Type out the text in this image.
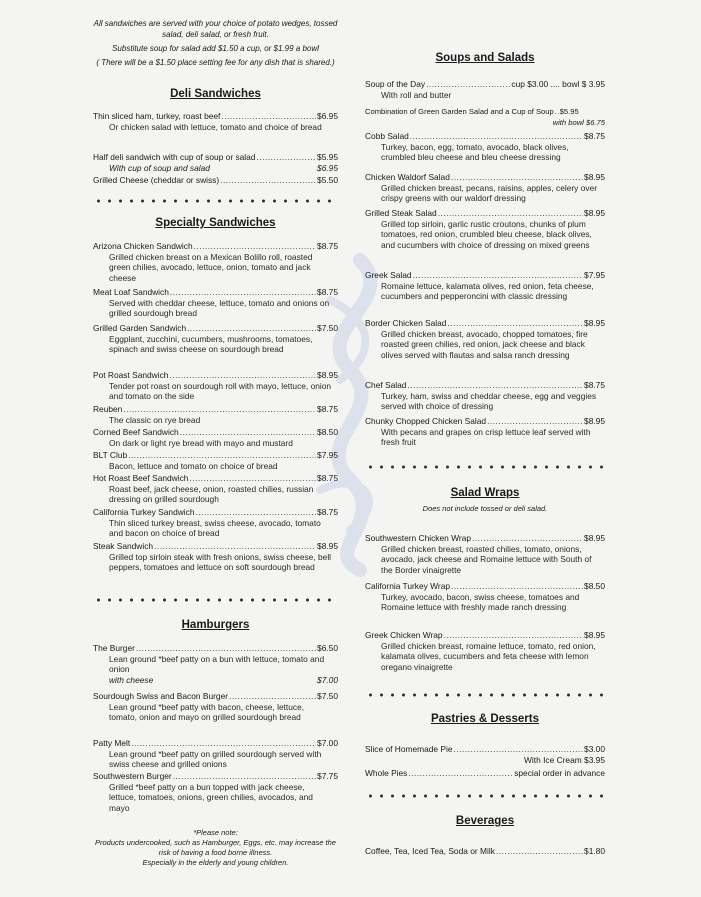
All sandwiches are served with your choice of potato wedges, tossed salad, deli salad, or fresh fruit.

Substitute soup for salad add $1.50 a cup, or $1.99 a bowl

( There will be a $1.50 place setting fee for any dish that is shared.)

Deli Sandwiches
Thin sliced ham, turkey, roast beef .....	$6.95
Or chicken salad with lettuce, tomato and choice of bread
Half deli sandwich with cup of soup or salad .....	$5.95
With cup of soup and salad	$6.95
Grilled Cheese (cheddar or swiss) .....	$5.50
Specialty Sandwiches
Arizona Chicken Sandwich .....	$8.75
Grilled chicken breast on a Mexican Bolillo roll, roasted green chilies, avocado, lettuce, onion, tomato and jack cheese
Meat Loaf Sandwich .....	$8.75
Served with cheddar cheese, lettuce, tomato and onions on grilled sourdough bread
Grilled Garden Sandwich .....	$7.50
Eggplant, zucchini, cucumbers, mushrooms, tomatoes, spinach and swiss cheese on sourdough bread
Pot Roast Sandwich .....	$8.95
Tender pot roast on sourdough roll with mayo, lettuce, onion and tomato on the side
Reuben .....	$8.75
The classic on rye bread
Corned Beef Sandwich .....	$8.50
On dark or light rye bread with mayo and mustard
BLT Club .....	$7.95
Bacon, lettuce and tomato on choice of bread
Hot Roast Beef Sandwich .....	$8.75
Roast beef, jack cheese, onion, roasted chilies, russian dressing on grilled sourdough
California Turkey Sandwich .....	$8.75
Thin sliced turkey breast, swiss cheese, avocado, tomato and bacon on choice of bread
Steak Sandwich .....	$8.95
Grilled top sirloin steak with fresh onions, swiss cheese, bell peppers, tomatoes and lettuce on soft sourdough bread
Hamburgers
The Burger .....	$6.50
Lean ground *beef patty on a bun with lettuce, tomato and onion
with cheese	$7.00
Sourdough Swiss and Bacon Burger .....	$7.50
Lean ground *beef patty with bacon, cheese, lettuce, tomato, onion and mayo on grilled sourdough bread
Patty Melt .....	$7.00
Lean ground *beef patty on grilled sourdough served with swiss cheese and grilled onions
Southwestern Burger .....	$7.75
Grilled *beef patty on a bun topped with jack cheese, lettuce, tomatoes, onions, green chilies, avocados, and mayo
*Please note:
Products undercooked, such as Hamburger, Eggs, etc. may increase the risk of having a food borne illness.
Especially in the elderly and young children.
Soups and Salads
Soup of the Day .....	cup $3.00 .... bowl $ 3.95
With roll and butter
Combination of Green Garden Salad and a Cup of Soup ..... $5.95
with bowl $6.75
Cobb Salad .....	$8.75
Turkey, bacon, egg, tomato, avocado, black olives, crumbled bleu cheese and bleu cheese dressing
Chicken Waldorf Salad .....	$8.95
Grilled chicken breast, pecans, raisins, apples, celery over crispy greens with our waldorf dressing
Grilled Steak Salad .....	$8.95
Grilled top sirloin, garlic rustic croutons, chunks of plum tomatoes, red onion, crumbled bleu cheese, black olives, and cucumbers with choice of dressing on mixed greens
Greek Salad .....	$7.95
Romaine lettuce, kalamata olives, red onion, feta cheese, cucumbers and pepperoncini with classic dressing
Border Chicken Salad .....	$8.95
Grilled chicken breast, avocado, chopped tomatoes, fire roasted green chilies, red onion, jack cheese and black olives served with flautas and salsa ranch dressing
Chef Salad .....	$8.75
Turkey, ham, swiss and cheddar cheese, egg and veggies served with choice of dressing
Chunky Chopped Chicken Salad .....	$8.95
With pecans and grapes on crisp lettuce leaf served with fresh fruit
Salad Wraps
Does not include tossed or deli salad.
Southwestern Chicken Wrap .....	$8.95
Grilled chicken breast, roasted chilies, tomato, onions, avocado, jack cheese and Romaine lettuce with South of the Border vinaigrette
California Turkey Wrap .....	$8.50
Turkey, avocado, bacon, swiss cheese, tomatoes and Romaine lettuce with freshly made ranch dressing
Greek Chicken Wrap .....	$8.95
Grilled chicken breast, romaine lettuce, tomato, red onion, kalamata olives, cucumbers and feta cheese with lemon oregano vinaigrette
Pastries & Desserts
Slice of Homemade Pie .....	$3.00
With Ice Cream $3.95
Whole Pies .....	special order in advance
Beverages
Coffee, Tea, Iced Tea, Soda or Milk .....	$1.80
